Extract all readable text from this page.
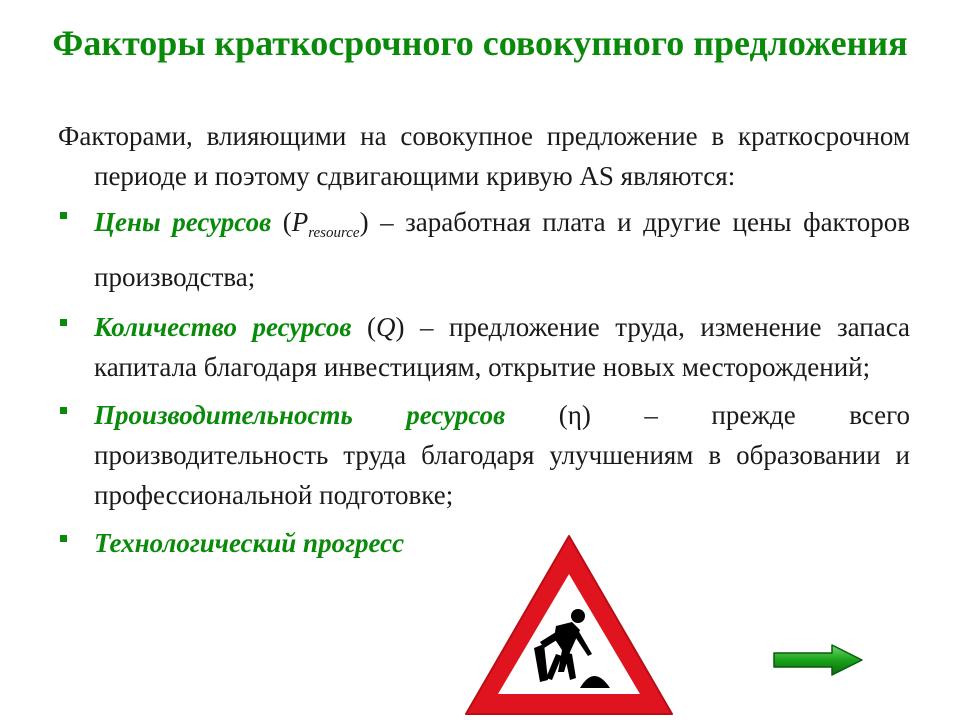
Факторы краткосрочного совокупного предложения

Факторами, влияющими на совокупное предложение в краткосрочном периоде и поэтому сдвигающими кривую AS являются:

Цены ресурсов $(P_{resource})$ – заработная плата и другие цены факторов производства;
Количество ресурсов (Q) – предложение труда, изменение запаса капитала благодаря инвестициям, открытие новых месторождений;
Производительность ресурсов (η) – прежде всего производительность труда благодаря улучшениям в образовании и профессиональной подготовке;
Технологический прогресс
